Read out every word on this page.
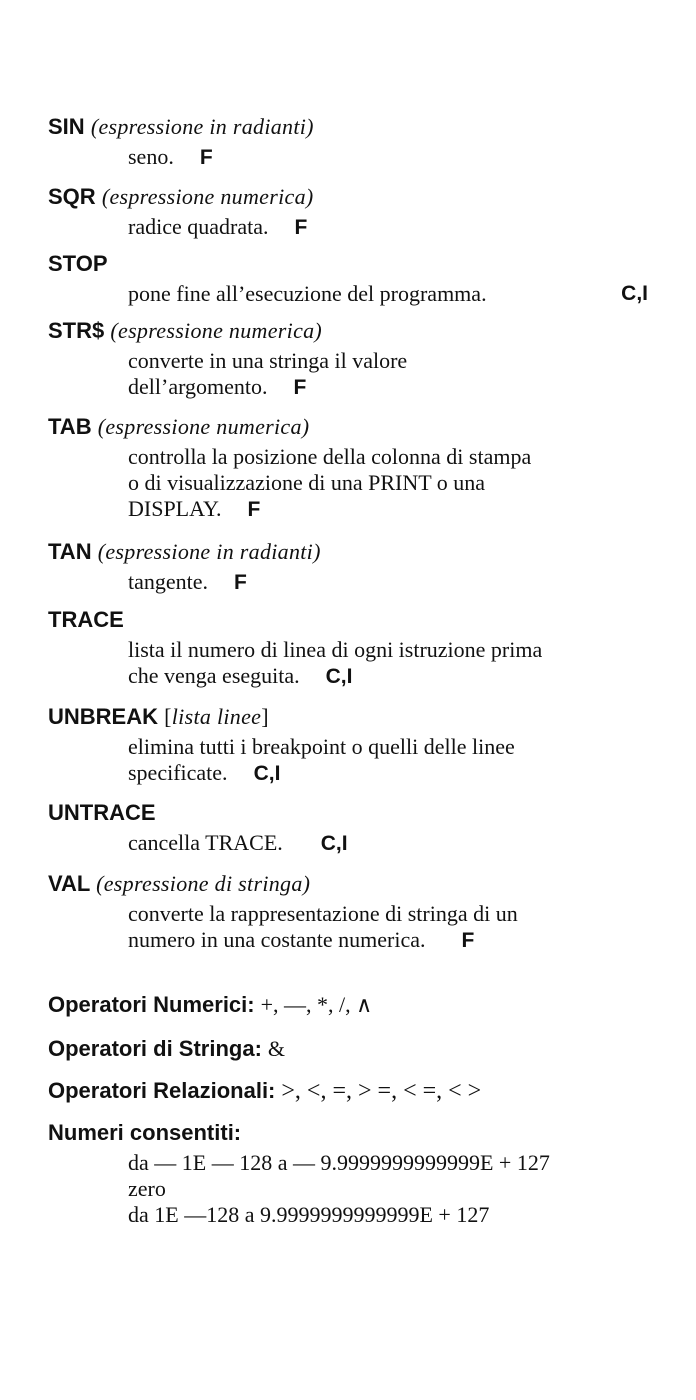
SIN (espressione in radianti)
seno. F
SQR (espressione numerica)
radice quadrata. F
STOP
pone fine all’esecuzione del programma.	C,I
STR$ (espressione numerica)
converte in una stringa il valore
dell’argomento. F
TAB (espressione numerica)
controlla la posizione della colonna di stampa
o di visualizzazione di una PRINT o una
DISPLAY. F
TAN (espressione in radianti)
tangente. F
TRACE
lista il numero di linea di ogni istruzione prima
che venga eseguita. C,I
UNBREAK [lista linee]
elimina tutti i breakpoint o quelli delle linee
specificate. C,I
UNTRACE
cancella TRACE. C,I
VAL (espressione di stringa)
converte la rappresentazione di stringa di un
numero in una costante numerica. F
Operatori Numerici: +, —, *, /, ∧
Operatori di Stringa: &
Operatori Relazionali: >, <, =, > =, < =, < >
Numeri consentiti:
da — 1E — 128 a — 9.9999999999999E + 127
zero
da 1E —128 a 9.9999999999999E + 127
